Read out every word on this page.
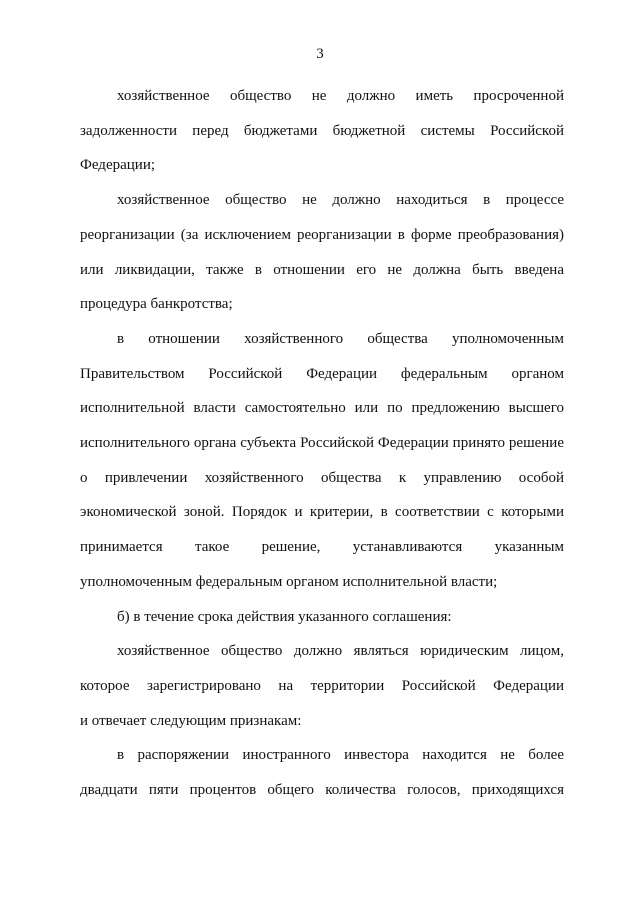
3

хозяйственное общество не должно иметь просроченной
задолженности перед бюджетами бюджетной системы Российской
Федерации;

хозяйственное общество не должно находиться в процессе
реорганизации (за исключением реорганизации в форме преобразования)
или ликвидации, также в отношении его не должна быть введена
процедура банкротства;

в отношении хозяйственного общества уполномоченным
Правительством Российской Федерации федеральным органом
исполнительной власти самостоятельно или по предложению высшего
исполнительного органа субъекта Российской Федерации принято решение
о привлечении хозяйственного общества к управлению особой
экономической зоной. Порядок и критерии, в соответствии с которыми
принимается такое решение, устанавливаются указанным
уполномоченным федеральным органом исполнительной власти;

б) в течение срока действия указанного соглашения:

хозяйственное общество должно являться юридическим лицом,
которое зарегистрировано на территории Российской Федерации
и отвечает следующим признакам:

в распоряжении иностранного инвестора находится не более
двадцати пяти процентов общего количества голосов, приходящихся
